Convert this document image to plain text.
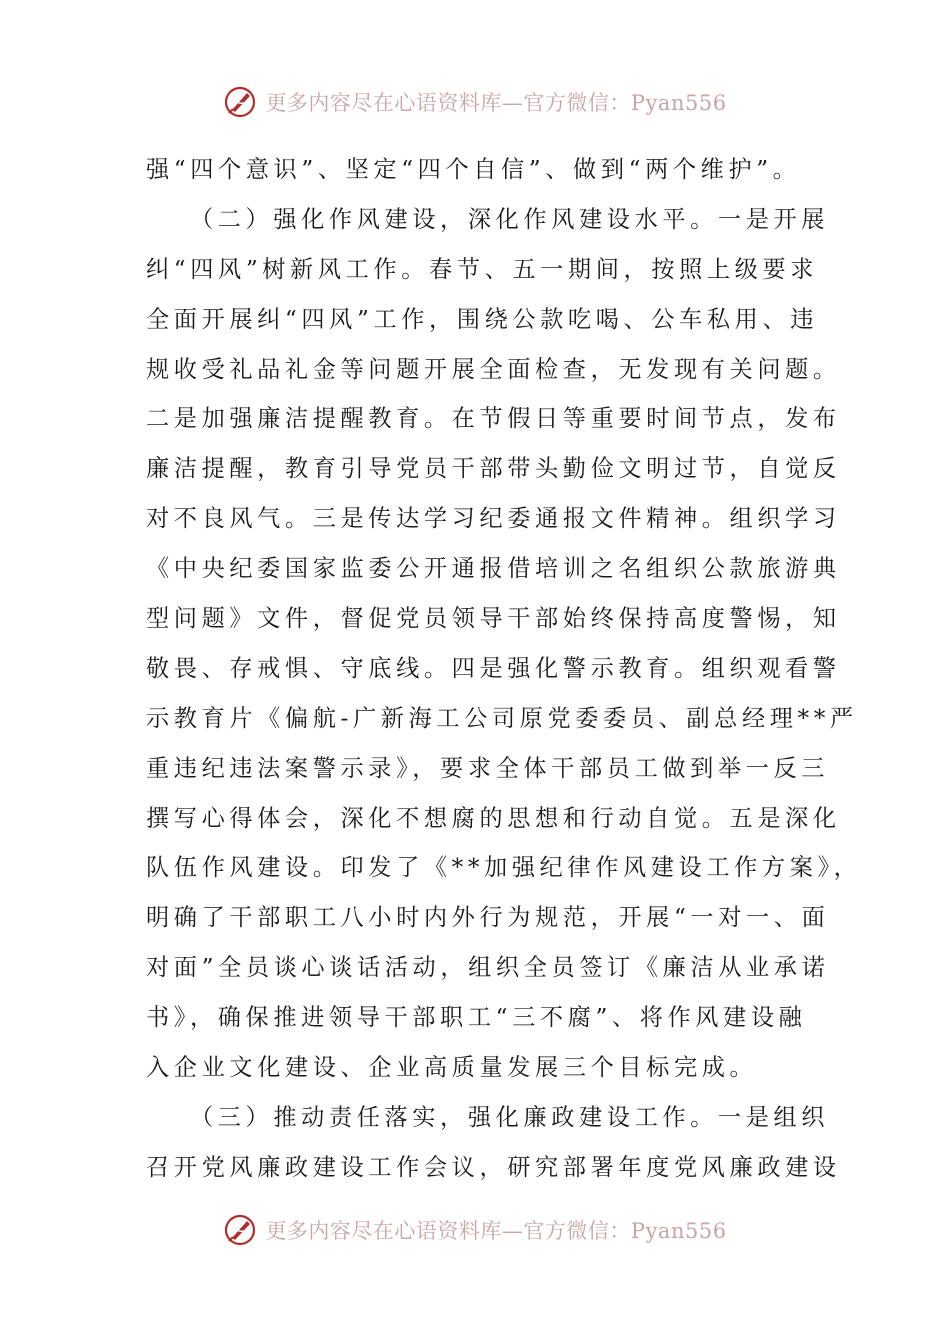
更多内容尽在心语资料库—官方微信：Pyan556
强“四个意识”、坚定“四个自信”、做到“两个维护”。
　　（二）强化作风建设，深化作风建设水平。一是开展
纠“四风”树新风工作。春节、五一期间，按照上级要求
全面开展纠“四风”工作，围绕公款吃喝、公车私用、违
规收受礼品礼金等问题开展全面检查，无发现有关问题。
二是加强廉洁提醒教育。在节假日等重要时间节点，发布
廉洁提醒，教育引导党员干部带头勤俭文明过节，自觉反
对不良风气。三是传达学习纪委通报文件精神。组织学习
《中央纪委国家监委公开通报借培训之名组织公款旅游典
型问题》文件，督促党员领导干部始终保持高度警惕，知
敬畏、存戒惧、守底线。四是强化警示教育。组织观看警
示教育片《偏航-广新海工公司原党委委员、副总经理**严
重违纪违法案警示录》，要求全体干部员工做到举一反三
撰写心得体会，深化不想腐的思想和行动自觉。五是深化
队伍作风建设。印发了《**加强纪律作风建设工作方案》，
明确了干部职工八小时内外行为规范，开展“一对一、面
对面”全员谈心谈话活动，组织全员签订《廉洁从业承诺
书》，确保推进领导干部职工“三不腐”、将作风建设融
入企业文化建设、企业高质量发展三个目标完成。
　　（三）推动责任落实，强化廉政建设工作。一是组织
召开党风廉政建设工作会议，研究部署年度党风廉政建设
更多内容尽在心语资料库—官方微信：Pyan556
